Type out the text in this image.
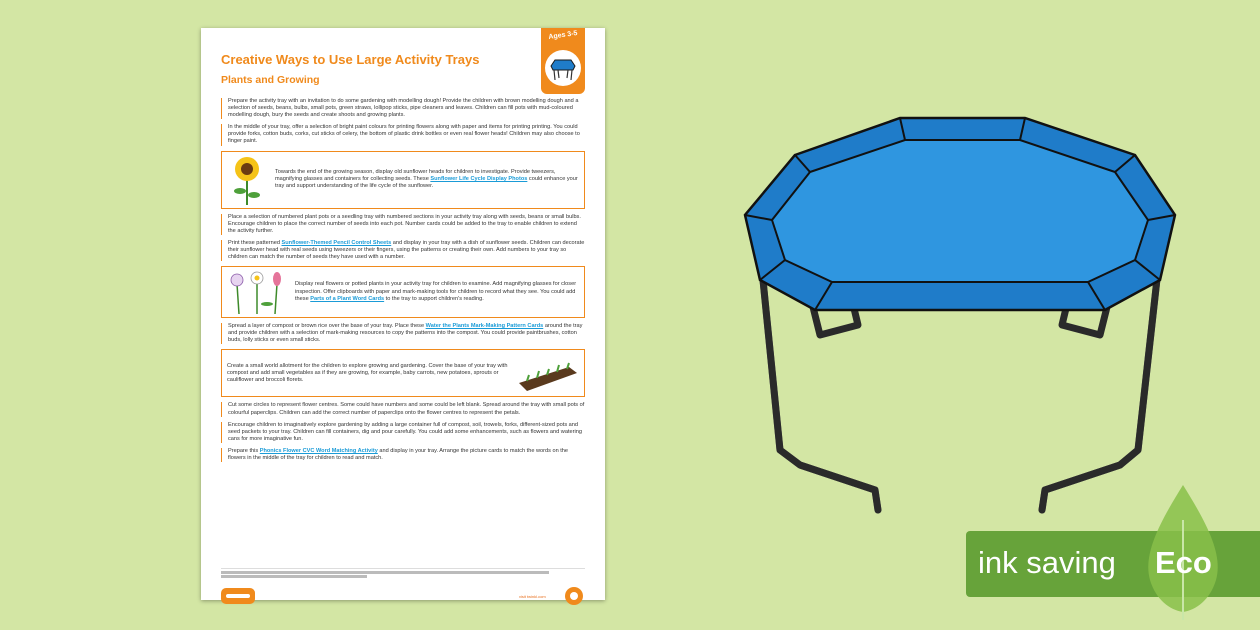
Creative Ways to Use Large Activity Trays
Plants and Growing
Ages 3-5

Prepare the activity tray with an invitation to do some gardening with modelling dough! Provide the children with brown modelling dough and a selection of seeds, beans, bulbs, small pots, green straws, lollipop sticks, pipe cleaners and leaves. Children can fill pots with mud-coloured modelling dough, bury the seeds and create shoots and growing plants.

In the middle of your tray, offer a selection of bright paint colours for printing flowers along with paper and items for printing printing. You could provide forks, cotton buds, corks, cut sticks of celery, the bottom of plastic drink bottles or even real flower heads! Children may also choose to finger paint.

Towards the end of the growing season, display old sunflower heads for children to investigate. Provide tweezers, magnifying glasses and containers for collecting seeds. These Sunflower Life Cycle Display Photos could enhance your tray and support understanding of the life cycle of the sunflower.

Place a selection of numbered plant pots or a seedling tray with numbered sections in your activity tray along with seeds, beans or small bulbs. Encourage children to place the correct number of seeds into each pot. Number cards could be added to the tray to enable children to extend the activity further.

Print these patterned Sunflower-Themed Pencil Control Sheets and display in your tray with a dish of sunflower seeds. Children can decorate their sunflower head with real seeds using tweezers or their fingers, using the patterns or creating their own. Add numbers to your tray so children can match the number of seeds they have used with a number.

Display real flowers or potted plants in your activity tray for children to examine. Add magnifying glasses for closer inspection. Offer clipboards with paper and mark-making tools for children to record what they see. You could add these Parts of a Plant Word Cards to the tray to support children's reading.

Spread a layer of compost or brown rice over the base of your tray. Place these Water the Plants Mark-Making Pattern Cards around the tray and provide children with a selection of mark-making resources to copy the patterns into the compost. You could provide paintbrushes, cotton buds, lolly sticks or even small sticks.

Create a small world allotment for the children to explore growing and gardening. Cover the base of your tray with compost and add small vegetables as if they are growing, for example, baby carrots, new potatoes, sprouts or cauliflower and broccoli florets.

Cut some circles to represent flower centres. Some could have numbers and some could be left blank. Spread around the tray with small pots of colourful paperclips. Children can add the correct number of paperclips onto the flower centres to represent the petals.

Encourage children to imaginatively explore gardening by adding a large container full of compost, soil, trowels, forks, different-sized pots and seed packets to your tray. Children can fill containers, dig and pour carefully. You could add some enhancements, such as flowers and watering cans for more imaginative fun.

Prepare this Phonics Flower CVC Word Matching Activity and display in your tray. Arrange the picture cards to match the words on the flowers in the middle of the tray for children to read and match.

visit twinkl.com
ink saving Eco
